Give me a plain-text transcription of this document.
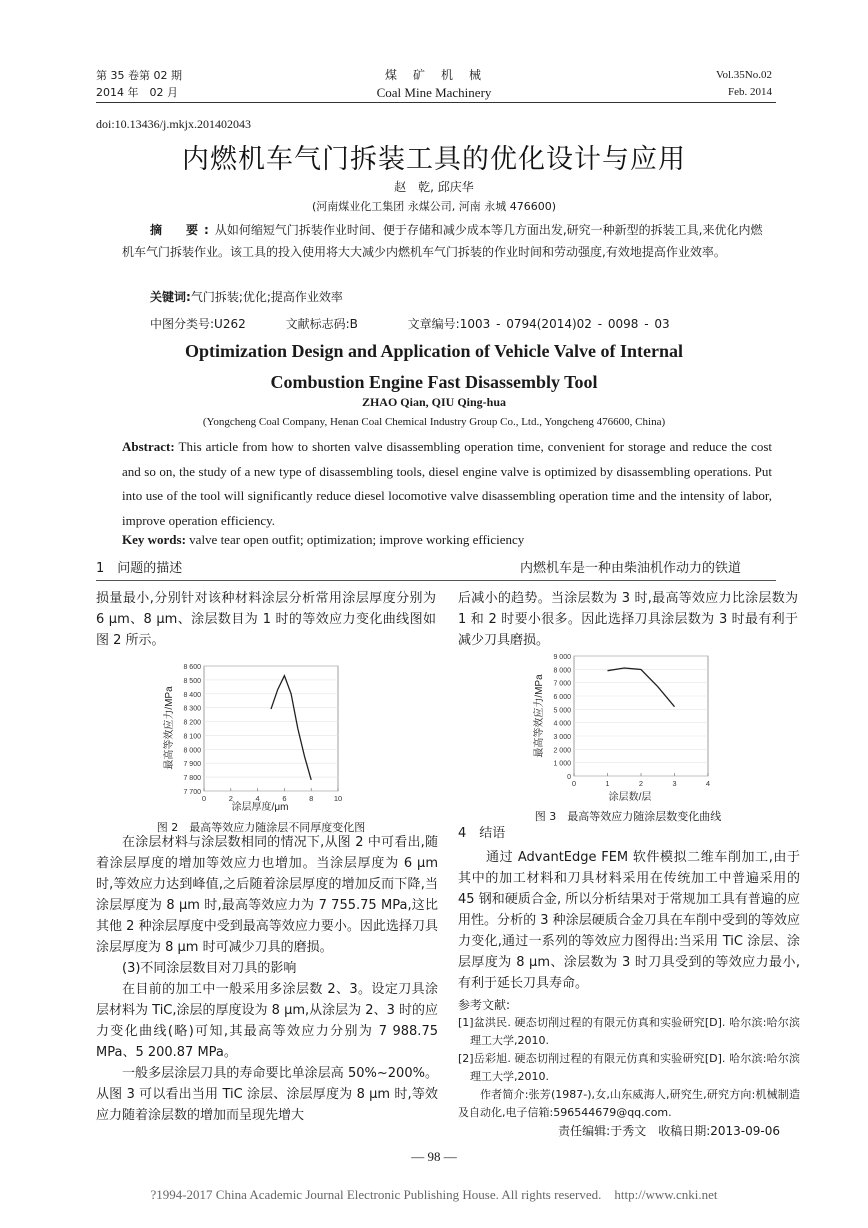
第 35 卷第 02 期
2014 年　02 月
煤　矿　机　械
Coal Mine Machinery
Vol.35No.02
Feb. 2014
doi:10.13436/j.mkjx.201402043
内燃机车气门拆装工具的优化设计与应用
赵　乾, 邱庆华
(河南煤业化工集团 永煤公司, 河南 永城 476600)
摘　要:从如何缩短气门拆装作业时间、便于存储和减少成本等几方面出发,研究一种新型的拆装工具,来优化内燃机车气门拆装作业。该工具的投入使用将大大减少内燃机车气门拆装的作业时间和劳动强度,有效地提高作业效率。
关键词:气门拆装;优化;提高作业效率
中图分类号:U262	文献标志码:B	文章编号:1003 - 0794(2014)02 - 0098 - 03
Optimization Design and Application of Vehicle Valve of Internal
Combustion Engine Fast Disassembly Tool
ZHAO Qian, QIU Qing-hua
(Yongcheng Coal Company, Henan Coal Chemical Industry Group Co., Ltd., Yongcheng 476600, China)
Abstract: This article from how to shorten valve disassembling operation time, convenient for storage and reduce the cost and so on, the study of a new type of disassembling tools, diesel engine valve is optimized by disassembling operations. Put into use of the tool will significantly reduce diesel locomotive valve disassembling operation time and the intensity of labor, improve operation efficiency.
Key words: valve tear open outfit; optimization; improve working efficiency
1　问题的描述	内燃机车是一种由柴油机作动力的铁道
损量最小,分别针对该种材料涂层分析常用涂层厚度分别为 6 μm、8 μm、涂层数目为 1 时的等效应力变化曲线图如图 2 所示。
后减小的趋势。当涂层数为 3 时,最高等效应力比涂层数为 1 和 2 时要小很多。因此选择刀具涂层数为 3 时最有利于减少刀具磨损。
7 700
7 800
7 900
8 000
8 100
8 200
8 300
8 400
8 500
8 600
0	2	4	6	8	10
最高等效应力/MPa
涂层厚度/μm
图 2　最高等效应力随涂层不同厚度变化图
0
1 000
2 000
3 000
4 000
5 000
6 000
7 000
8 000
9 000
0	1	2	3	4
最高等效应力/MPa
涂层数/层
图 3　最高等效应力随涂层数变化曲线

在涂层材料与涂层数相同的情况下,从图 2 中可看出,随着涂层厚度的增加等效应力也增加。当涂层厚度为 6 μm 时,等效应力达到峰值,之后随着涂层厚度的增加反而下降,当涂层厚度为 8 μm 时,最高等效应力为 7 755.75 MPa,这比其他 2 种涂层厚度中受到最高等效应力要小。因此选择刀具涂层厚度为 8 μm 时可减少刀具的磨损。

(3)不同涂层数目对刀具的影响

在目前的加工中一般采用多涂层数 2、3。设定刀具涂层材料为 TiC,涂层的厚度设为 8 μm,从涂层为 2、3 时的应力变化曲线(略)可知,其最高等效应力分别为 7 988.75 MPa、5 200.87 MPa。

一般多层涂层刀具的寿命要比单涂层高 50%~200%。从图 3 可以看出当用 TiC 涂层、涂层厚度为 8 μm 时,等效应力随着涂层数的增加而呈现先增大

4　结语

通过 AdvantEdge FEM 软件模拟二维车削加工,由于其中的加工材料和刀具材料采用在传统加工中普遍采用的 45 钢和硬质合金, 所以分析结果对于常规加工具有普遍的应用性。分析的 3 种涂层硬质合金刀具在车削中受到的等效应力变化,通过一系列的等效应力图得出:当采用 TiC 涂层、涂层厚度为 8 μm、涂层数为 3 时刀具受到的等效应力最小,有利于延长刀具寿命。

参考文献:
[1]盆洪民. 硬态切削过程的有限元仿真和实验研究[D]. 哈尔滨:哈尔滨理工大学,2010.
[2]岳彩旭. 硬态切削过程的有限元仿真和实验研究[D]. 哈尔滨:哈尔滨理工大学,2010.
作者简介:张芳(1987-),女,山东威海人,研究生,研究方向:机械制造及自动化,电子信箱:596544679@qq.com.
责任编辑:于秀文　收稿日期:2013-09-06
— 98 —
?1994-2017 China Academic Journal Electronic Publishing House. All rights reserved.　http://www.cnki.net
